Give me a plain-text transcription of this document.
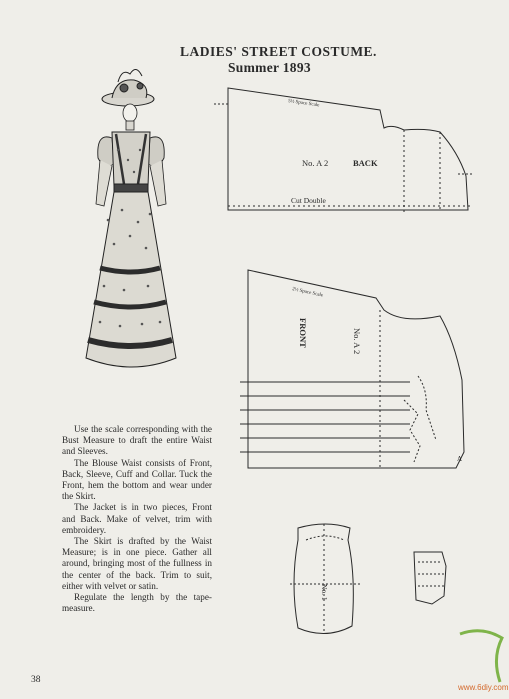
LADIES' STREET COSTUME.
Summer 1893
No. A 2	BACK
Cut Double
5½ Space Scale
FRONT	No. A 2
2½ Space Scale
A
No. 1

Use the scale corresponding with the Bust Measure to draft the entire Waist and Sleeves.

The Blouse Waist consists of Front, Back, Sleeve, Cuff and Collar. Tuck the Front, hem the bottom and wear under the Skirt.

The Jacket is in two pieces, Front and Back. Make of velvet, trim with embroidery.

The Skirt is drafted by the Waist Measure; is in one piece. Gather all around, bringing most of the fullness in the center of the back. Trim to suit, either with velvet or satin.

Regulate the length by the tape-measure.

38
www.6diy.com
